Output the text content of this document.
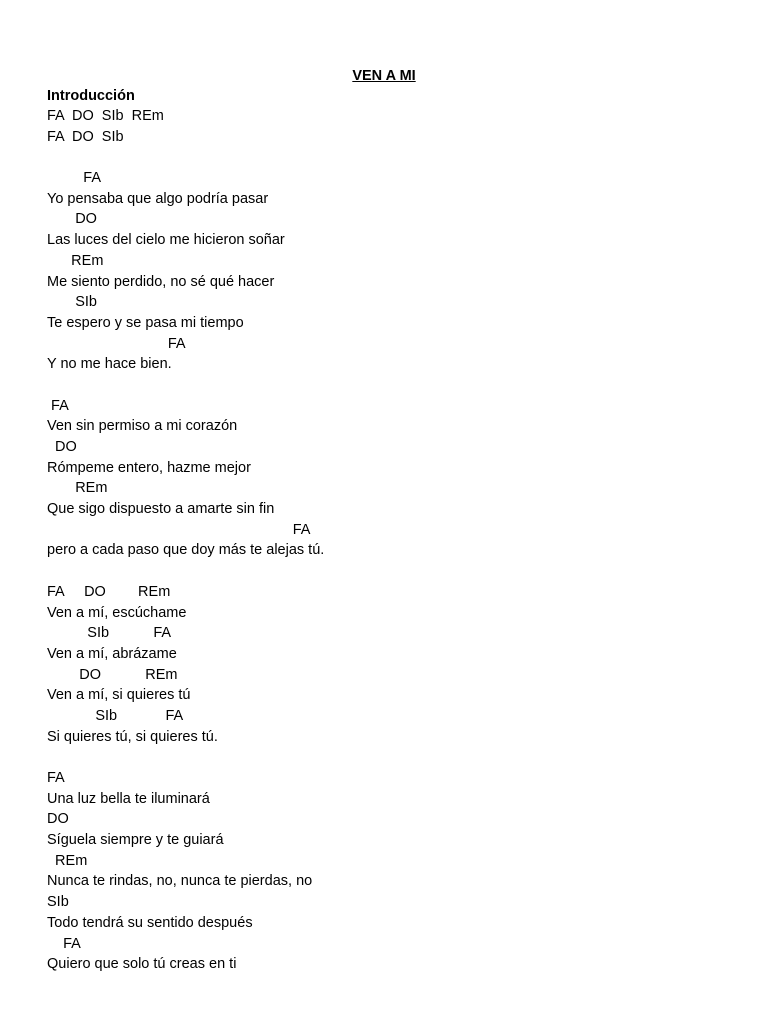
VEN A MI
Introducción
FA  DO  SIb  REm
FA  DO  SIb
FA
Yo pensaba que algo podría pasar
DO
Las luces del cielo me hicieron soñar
REm
Me siento perdido, no sé qué hacer
SIb
Te espero y se pasa mi tiempo
FA
Y no me hace bien.
FA
Ven sin permiso a mi corazón
DO
Rómpeme entero, hazme mejor
REm
Que sigo dispuesto a amarte sin fin
FA
pero a cada paso que doy más te alejas tú.
FA     DO        REm
Ven a mí, escúchame
SIb           FA
Ven a mí, abrázame
DO           REm
Ven a mí, si quieres tú
SIb            FA
Si quieres tú, si quieres tú.
FA
Una luz bella te iluminará
DO
Síguela siempre y te guiará
REm
Nunca te rindas, no, nunca te pierdas, no
SIb
Todo tendrá su sentido después
FA
Quiero que solo tú creas en ti
